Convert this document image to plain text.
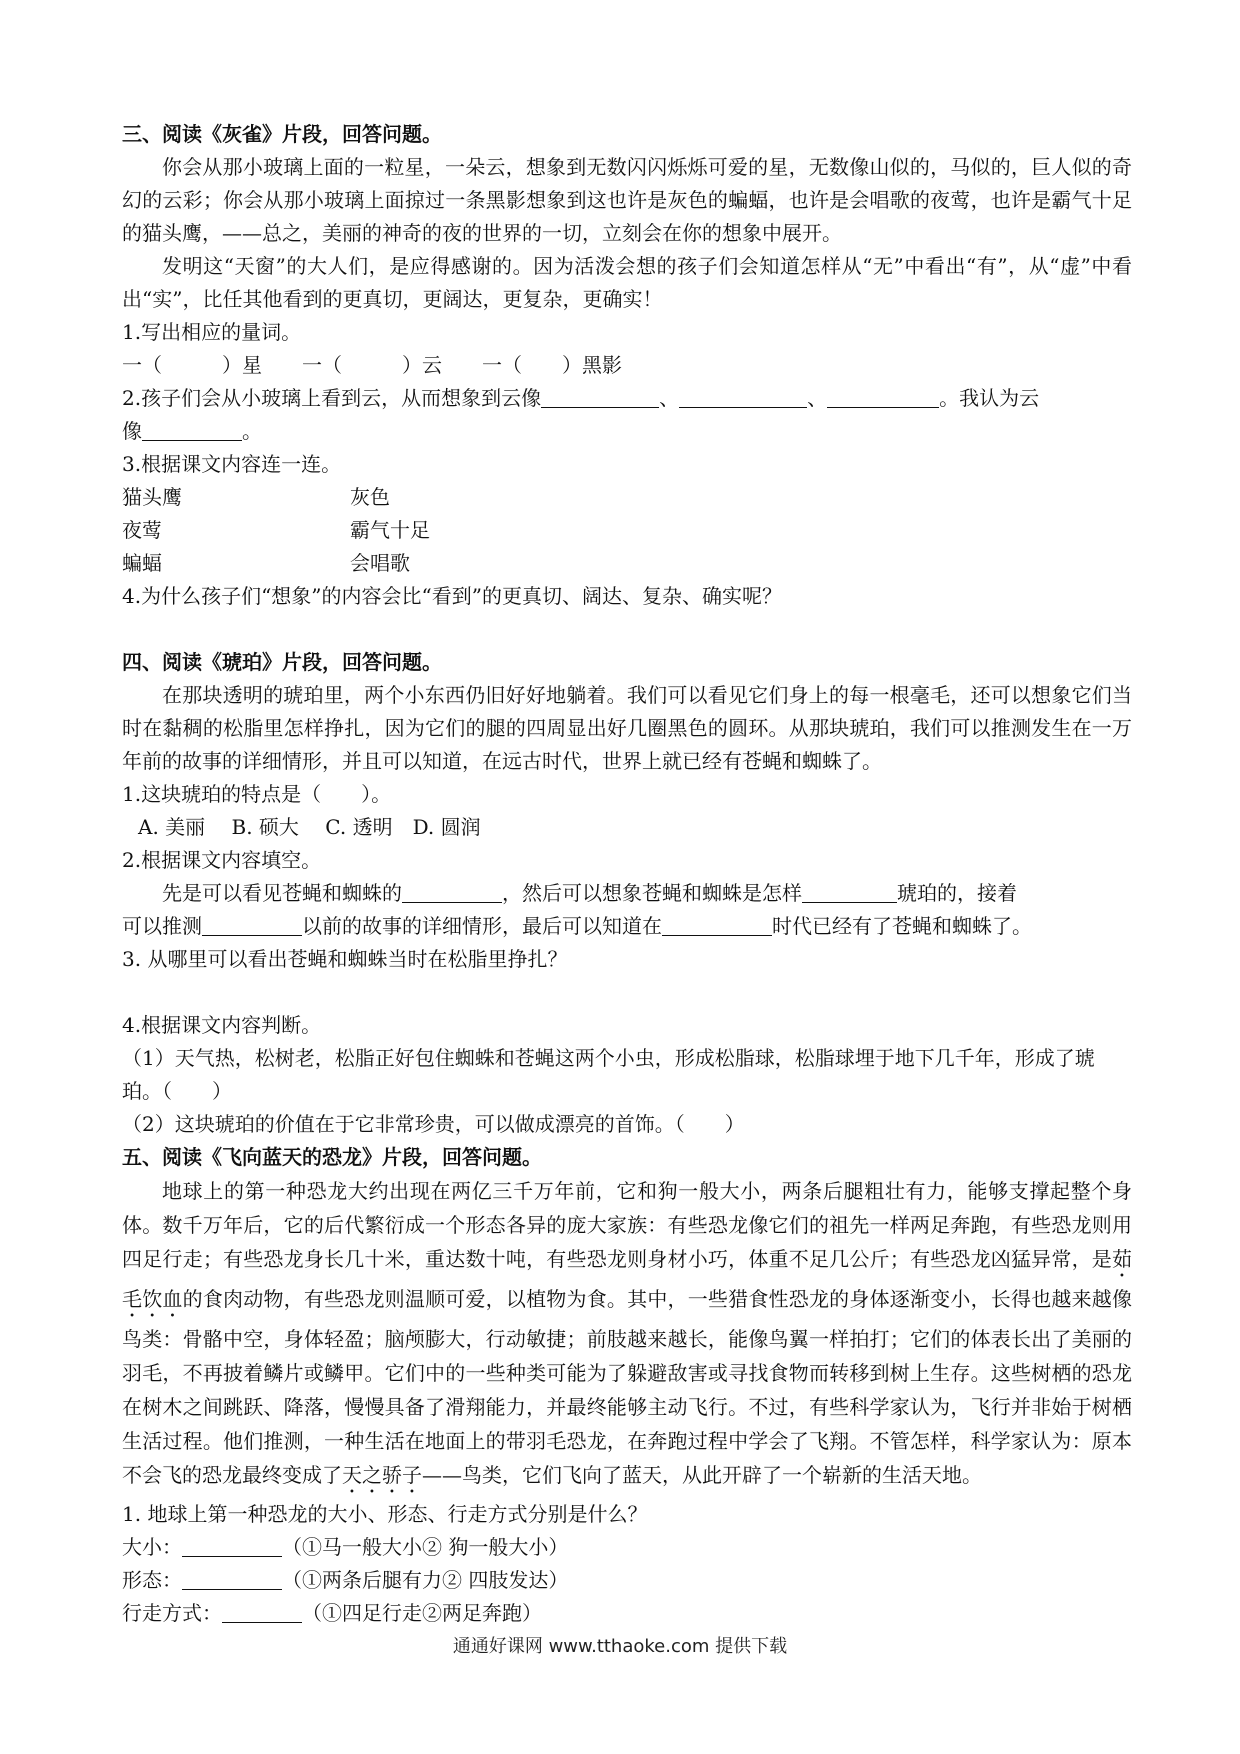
三、阅读《灰雀》片段，回答问题。
你会从那小玻璃上面的一粒星，一朵云，想象到无数闪闪烁烁可爱的星，无数像山似的，马似的，巨人似的奇幻的云彩；你会从那小玻璃上面掠过一条黑影想象到这也许是灰色的蝙蝠，也许是会唱歌的夜莺，也许是霸气十足的猫头鹰，——总之，美丽的神奇的夜的世界的一切，立刻会在你的想象中展开。
发明这“天窗”的大人们，是应得感谢的。因为活泼会想的孩子们会知道怎样从“无”中看出“有”，从“虚”中看出“实”，比任其他看到的更真切，更阔达，更复杂，更确实！
1.写出相应的量词。
一（　　　）星　　一（　　　）云　　一（　　）黑影
2.孩子们会从小玻璃上看到云，从而想象到云像	、	、	。我认为云
像	。
3.根据课文内容连一连。
猫头鹰	灰色
夜莺	霸气十足
蝙蝠	会唱歌
4.为什么孩子们“想象”的内容会比“看到”的更真切、阔达、复杂、确实呢？
四、阅读《琥珀》片段，回答问题。
在那块透明的琥珀里，两个小东西仍旧好好地躺着。我们可以看见它们身上的每一根毫毛，还可以想象它们当时在黏稠的松脂里怎样挣扎，因为它们的腿的四周显出好几圈黑色的圆环。从那块琥珀，我们可以推测发生在一万年前的故事的详细情形，并且可以知道，在远古时代，世界上就已经有苍蝇和蜘蛛了。
1.这块琥珀的特点是（　　）。
A. 美丽　 B. 硕大　 C. 透明　D. 圆润
2.根据课文内容填空。
先是可以看见苍蝇和蜘蛛的	，然后可以想象苍蝇和蜘蛛是怎样	琥珀的，接着
可以推测	以前的故事的详细情形，最后可以知道在	时代已经有了苍蝇和蜘蛛了。
3. 从哪里可以看出苍蝇和蜘蛛当时在松脂里挣扎？
4.根据课文内容判断。
（1）天气热，松树老，松脂正好包住蜘蛛和苍蝇这两个小虫，形成松脂球，松脂球埋于地下几千年，形成了琥珀。（　　）
（2）这块琥珀的价值在于它非常珍贵，可以做成漂亮的首饰。（　　）
五、阅读《飞向蓝天的恐龙》片段，回答问题。
地球上的第一种恐龙大约出现在两亿三千万年前，它和狗一般大小，两条后腿粗壮有力，能够支撑起整个身体。数千万年后，它的后代繁衍成一个形态各异的庞大家族：有些恐龙像它们的祖先一样两足奔跑，有些恐龙则用四足行走；有些恐龙身长几十米，重达数十吨，有些恐龙则身材小巧，体重不足几公斤；有些恐龙凶猛异常，是茹毛饮血的食肉动物，有些恐龙则温顺可爱，以植物为食。其中，一些猎食性恐龙的身体逐渐变小，长得也越来越像鸟类：骨骼中空，身体轻盈；脑颅膨大，行动敏捷；前肢越来越长，能像鸟翼一样拍打；它们的体表长出了美丽的羽毛，不再披着鳞片或鳞甲。它们中的一些种类可能为了躲避敌害或寻找食物而转移到树上生存。这些树栖的恐龙在树木之间跳跃、降落，慢慢具备了滑翔能力，并最终能够主动飞行。不过，有些科学家认为，飞行并非始于树栖生活过程。他们推测，一种生活在地面上的带羽毛恐龙，在奔跑过程中学会了飞翔。不管怎样，科学家认为：原本不会飞的恐龙最终变成了天之骄子——鸟类，它们飞向了蓝天，从此开辟了一个崭新的生活天地。
1. 地球上第一种恐龙的大小、形态、行走方式分别是什么？
大小：	（①马一般大小② 狗一般大小）
形态：	（①两条后腿有力② 四肢发达）
行走方式：	（①四足行走②两足奔跑）
通通好课网 www.tthaoke.com 提供下载
